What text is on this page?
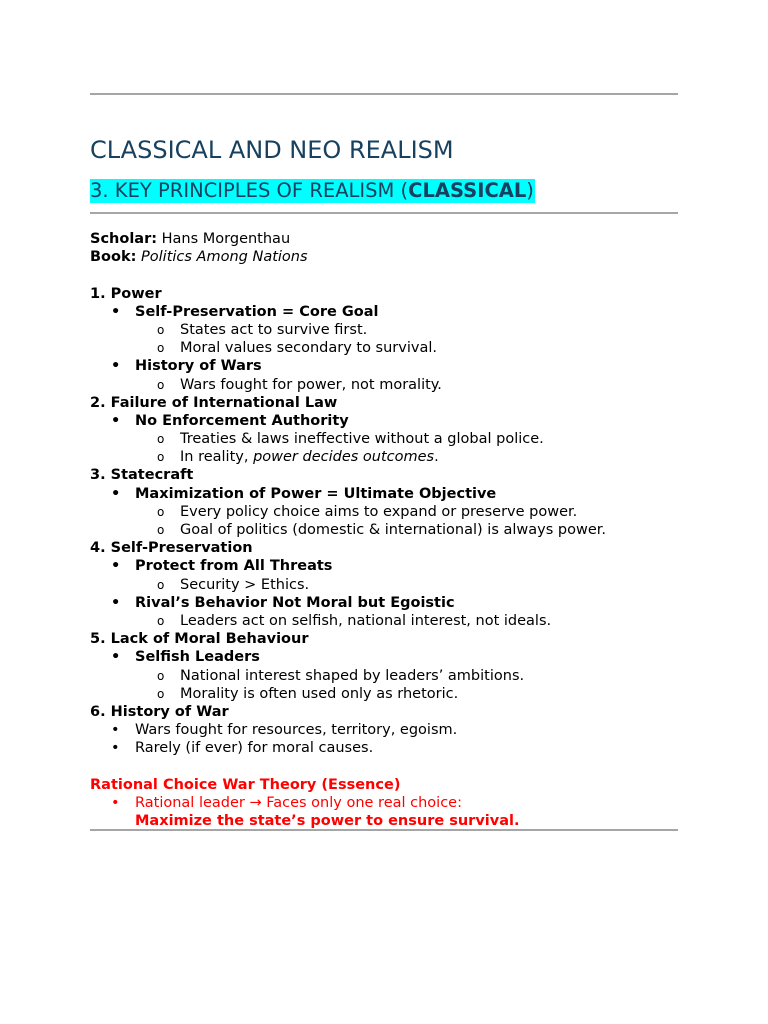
CLASSICAL AND NEO REALISM
3. KEY PRINCIPLES OF REALISM (CLASSICAL)
Scholar: Hans Morgenthau
Book: Politics Among Nations
1. Power
• Self-Preservation = Core Goal
o States act to survive first.
o Moral values secondary to survival.
• History of Wars
o Wars fought for power, not morality.
2. Failure of International Law
• No Enforcement Authority
o Treaties & laws ineffective without a global police.
o In reality, power decides outcomes.
3. Statecraft
• Maximization of Power = Ultimate Objective
o Every policy choice aims to expand or preserve power.
o Goal of politics (domestic & international) is always power.
4. Self-Preservation
• Protect from All Threats
o Security > Ethics.
• Rival’s Behavior Not Moral but Egoistic
o Leaders act on selfish, national interest, not ideals.
5. Lack of Moral Behaviour
• Selfish Leaders
o National interest shaped by leaders’ ambitions.
o Morality is often used only as rhetoric.
6. History of War
• Wars fought for resources, territory, egoism.
• Rarely (if ever) for moral causes.
Rational Choice War Theory (Essence)
• Rational leader → Faces only one real choice:
Maximize the state’s power to ensure survival.
